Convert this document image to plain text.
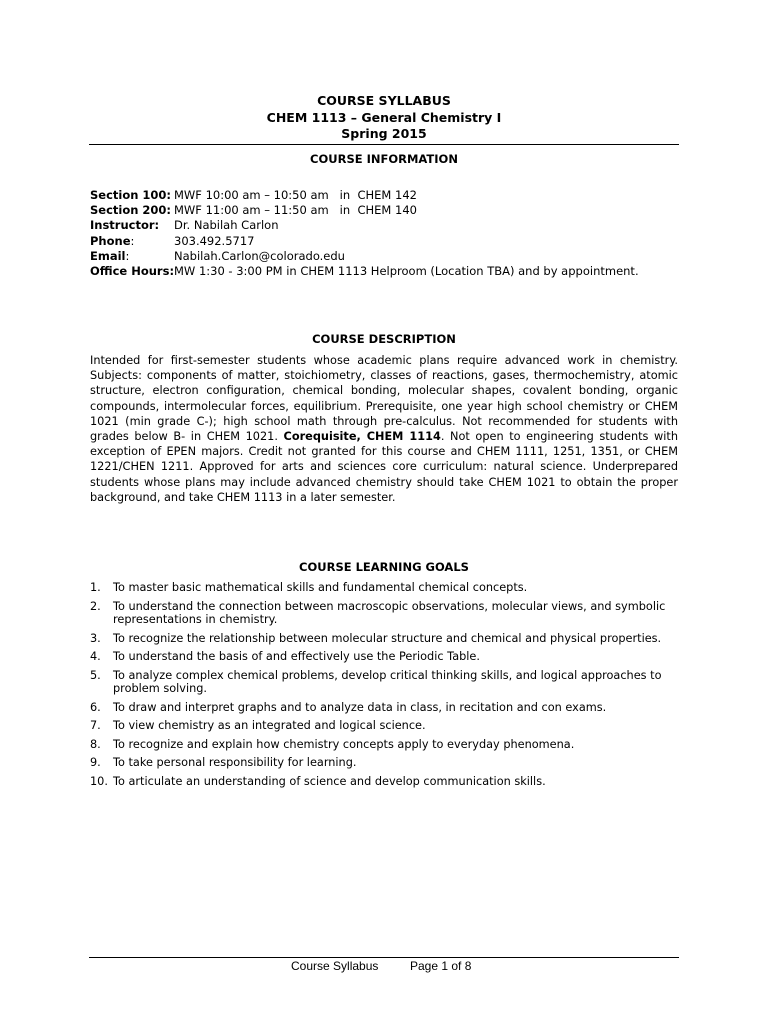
COURSE SYLLABUS
CHEM 1113 – General Chemistry I
Spring 2015
COURSE INFORMATION
Section 100: MWF 10:00 am – 10:50 am   in  CHEM 142
Section 200: MWF 11:00 am – 11:50 am   in  CHEM 140
Instructor:	Dr. Nabilah Carlon
Phone:	303.492.5717
Email:	Nabilah.Carlon@colorado.edu
Office Hours: MW 1:30 - 3:00 PM in CHEM 1113 Helproom (Location TBA) and by appointment.
COURSE DESCRIPTION
Intended for first-semester students whose academic plans require advanced work in chemistry. Subjects: components of matter, stoichiometry, classes of reactions, gases, thermochemistry, atomic structure, electron configuration, chemical bonding, molecular shapes, covalent bonding, organic compounds, intermolecular forces, equilibrium. Prerequisite, one year high school chemistry or CHEM 1021 (min grade C-); high school math through pre-calculus. Not recommended for students with grades below B- in CHEM 1021. Corequisite, CHEM 1114. Not open to engineering students with exception of EPEN majors. Credit not granted for this course and CHEM 1111, 1251, 1351, or CHEM 1221/CHEN 1211. Approved for arts and sciences core curriculum: natural science. Underprepared students whose plans may include advanced chemistry should take CHEM 1021 to obtain the proper background, and take CHEM 1113 in a later semester.
COURSE LEARNING GOALS
1.	To master basic mathematical skills and fundamental chemical concepts.
2.	To understand the connection between macroscopic observations, molecular views, and symbolic representations in chemistry.
3.	To recognize the relationship between molecular structure and chemical and physical properties.
4.	To understand the basis of and effectively use the Periodic Table.
5.	To analyze complex chemical problems, develop critical thinking skills, and logical approaches to problem solving.
6.	To draw and interpret graphs and to analyze data in class, in recitation and con exams.
7.	To view chemistry as an integrated and logical science.
8.	To recognize and explain how chemistry concepts apply to everyday phenomena.
9.	To take personal responsibility for learning.
10. To articulate an understanding of science and develop communication skills.
Course Syllabus	Page 1 of 8
